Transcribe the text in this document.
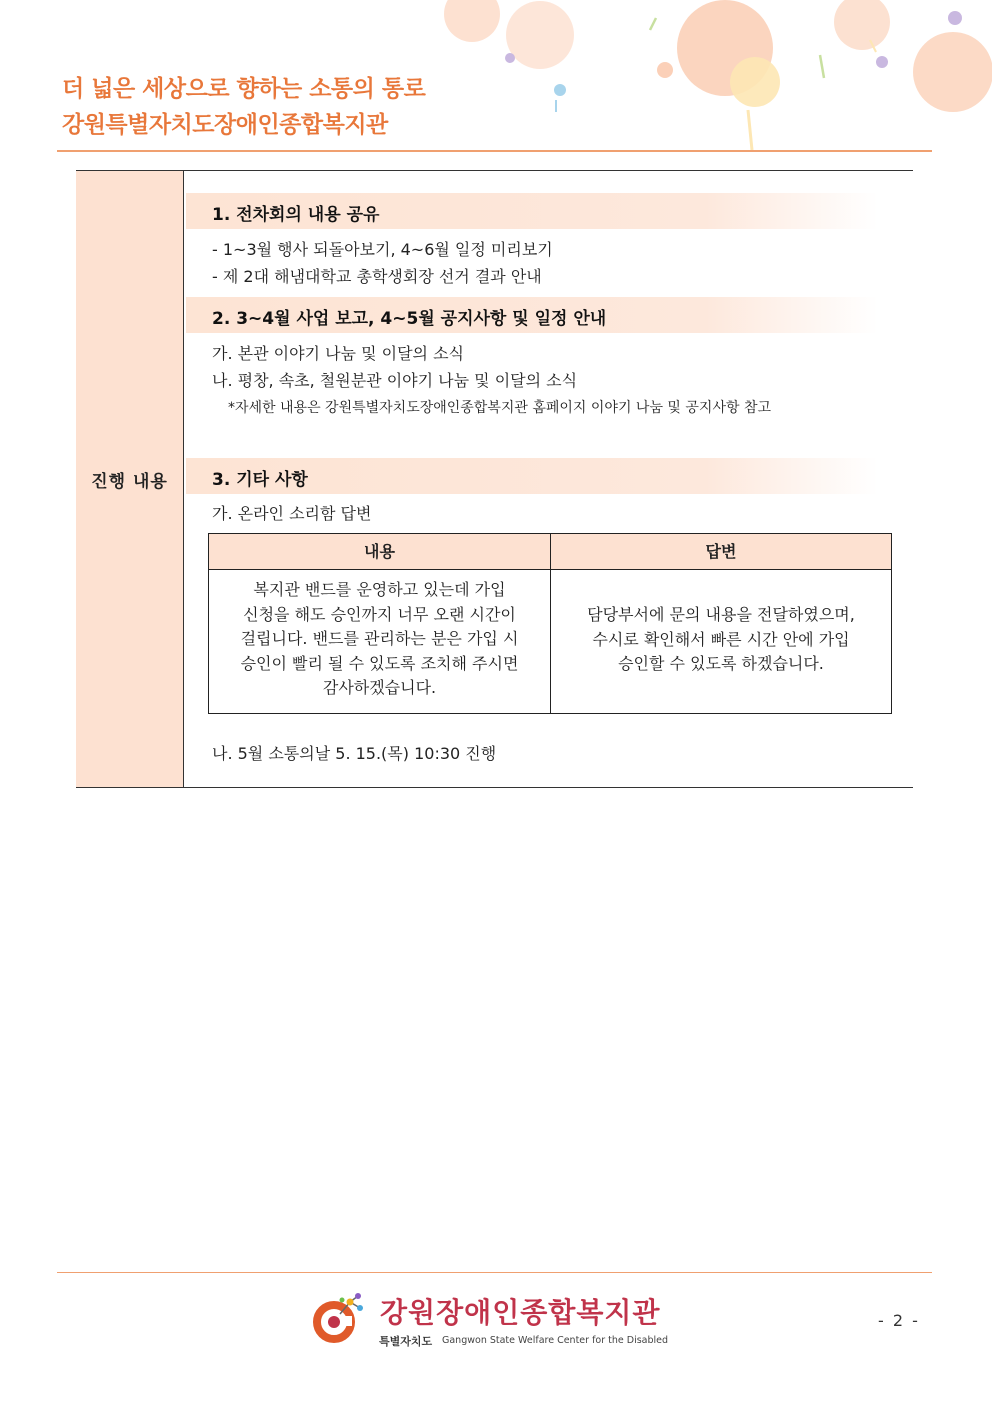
더 넓은 세상으로 향하는 소통의 통로
강원특별자치도장애인종합복지관
진행 내용
1. 전차회의 내용 공유
- 1~3월 행사 되돌아보기, 4~6월 일정 미리보기
- 제 2대 해냄대학교 총학생회장 선거 결과 안내
2. 3~4월 사업 보고, 4~5월 공지사항 및 일정 안내
가. 본관 이야기 나눔 및 이달의 소식
나. 평창, 속초, 철원분관 이야기 나눔 및 이달의 소식
*자세한 내용은 강원특별자치도장애인종합복지관 홈페이지 이야기 나눔 및 공지사항 참고
3. 기타 사항
가. 온라인 소리함 답변
내용	답변
복지관 밴드를 운영하고 있는데 가입
신청을 해도 승인까지 너무 오랜 시간이
걸립니다. 밴드를 관리하는 분은 가입 시
승인이 빨리 될 수 있도록 조치해 주시면
감사하겠습니다.
담당부서에 문의 내용을 전달하였으며,
수시로 확인해서 빠른 시간 안에 가입
승인할 수 있도록 하겠습니다.
나. 5월 소통의날 5. 15.(목) 10:30 진행
강원장애인종합복지관
특별자치도 Gangwon State Welfare Center for the Disabled
- 2 -
